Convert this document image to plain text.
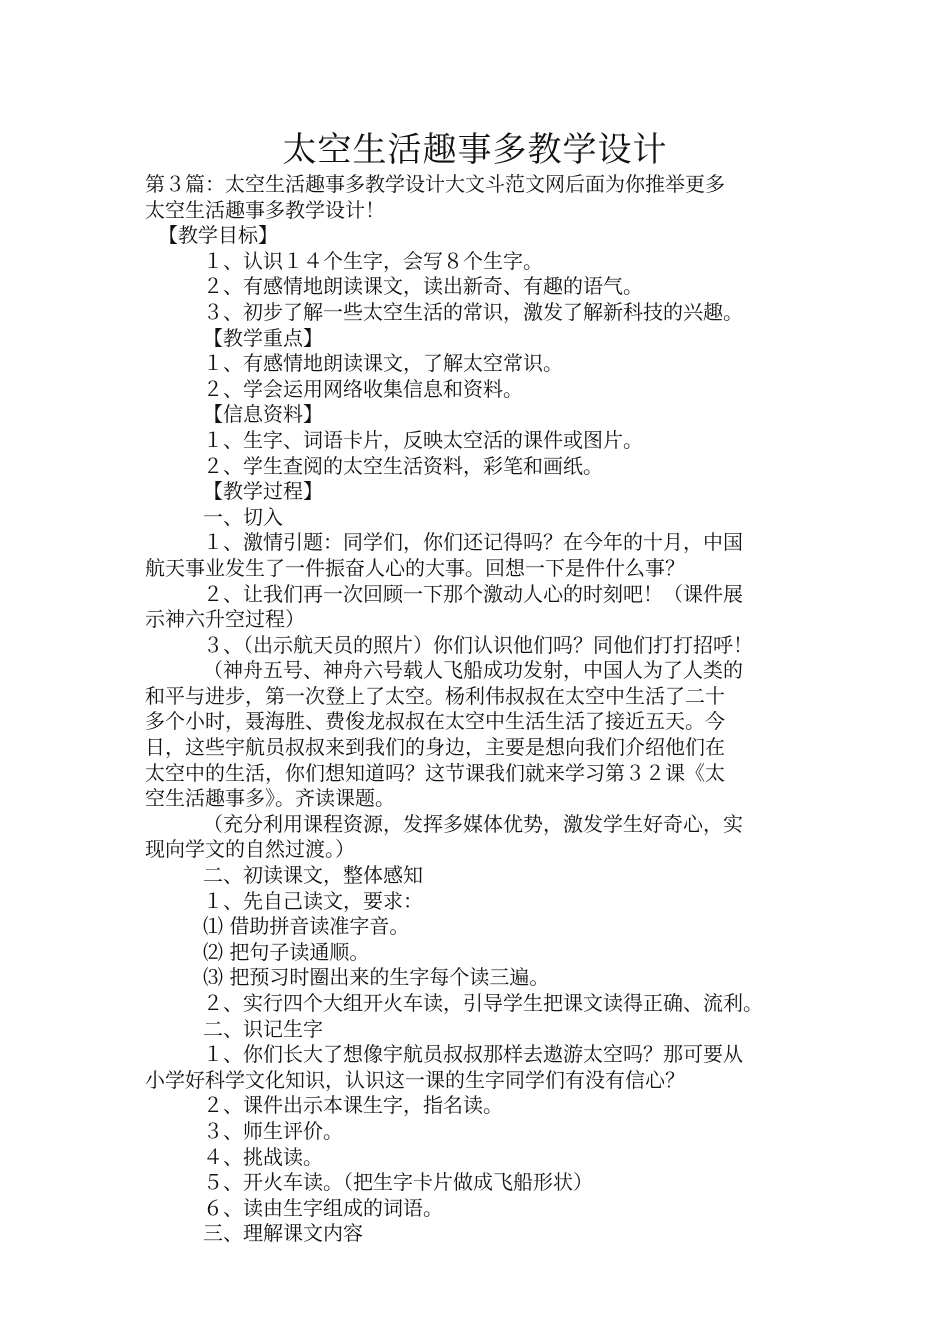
太空生活趣事多教学设计

第３篇：太空生活趣事多教学设计大文斗范文网后面为你推举更多

太空生活趣事多教学设计！

【教学目标】

１、认识１４个生字，会写８个生字。

２、有感情地朗读课文，读出新奇、有趣的语气。

３、初步了解一些太空生活的常识，激发了解新科技的兴趣。

【教学重点】

１、有感情地朗读课文，了解太空常识。

２、学会运用网络收集信息和资料。

【信息资料】

１、生字、词语卡片，反映太空活的课件或图片。

２、学生查阅的太空生活资料，彩笔和画纸。

【教学过程】

一、切入

１、激情引题：同学们，你们还记得吗？在今年的十月，中国

航天事业发生了一件振奋人心的大事。回想一下是件什么事？

２、让我们再一次回顾一下那个激动人心的时刻吧！（课件展

示神六升空过程）

３、（出示航天员的照片）你们认识他们吗？同他们打打招呼！

（神舟五号、神舟六号载人飞船成功发射，中国人为了人类的

和平与进步，第一次登上了太空。杨利伟叔叔在太空中生活了二十

多个小时，聂海胜、费俊龙叔叔在太空中生活生活了接近五天。今

日，这些宇航员叔叔来到我们的身边，主要是想向我们介绍他们在

太空中的生活，你们想知道吗？这节课我们就来学习第３２课《太

空生活趣事多》。齐读课题。

（充分利用课程资源，发挥多媒体优势，激发学生好奇心，实

现向学文的自然过渡。）

二、初读课文，整体感知

１、先自己读文，要求：

⑴ 借助拼音读准字音。

⑵ 把句子读通顺。

⑶ 把预习时圈出来的生字每个读三遍。

２、实行四个大组开火车读，引导学生把课文读得正确、流利。

二、识记生字

１、你们长大了想像宇航员叔叔那样去遨游太空吗？那可要从

小学好科学文化知识，认识这一课的生字同学们有没有信心？

２、课件出示本课生字，指名读。

３、师生评价。

４、挑战读。

５、开火车读。（把生字卡片做成飞船形状）

６、读由生字组成的词语。

三、理解课文内容
